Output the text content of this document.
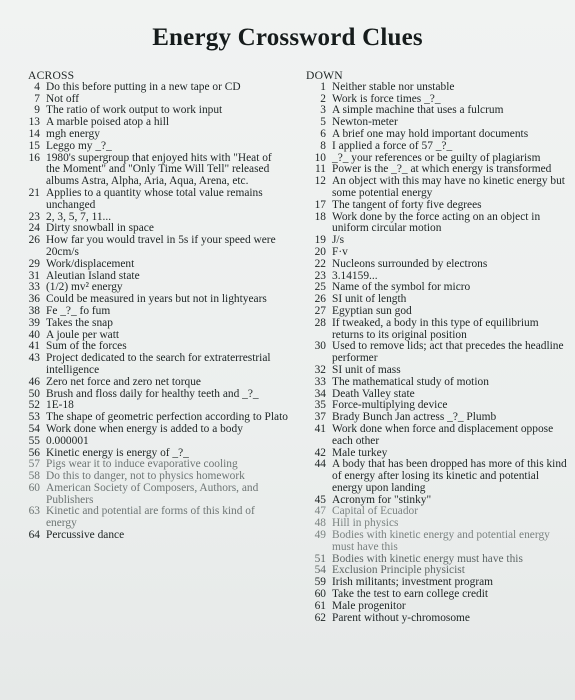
Energy Crossword Clues
ACROSS
4 Do this before putting in a new tape or CD
7 Not off
9 The ratio of work output to work input
13 A marble poised atop a hill
14 mgh energy
15 Leggo my _?_
16 1980's supergroup that enjoyed hits with "Heat of the Moment" and "Only Time Will Tell" released albums Astra, Alpha, Aria, Aqua, Arena, etc.
21 Applies to a quantity whose total value remains unchanged
23 2, 3, 5, 7, 11...
24 Dirty snowball in space
26 How far you would travel in 5s if your speed were 20cm/s
29 Work/displacement
31 Aleutian Island state
33 (1/2) mv² energy
36 Could be measured in years but not in lightyears
38 Fe _?_ fo fum
39 Takes the snap
40 A joule per watt
41 Sum of the forces
43 Project dedicated to the search for extraterrestrial intelligence
46 Zero net force and zero net torque
50 Brush and floss daily for healthy teeth and _?_
52 1E-18
53 The shape of geometric perfection according to Plato
54 Work done when energy is added to a body
55 0.000001
56 Kinetic energy is energy of _?_
57 Pigs wear it to induce evaporative cooling
58 Do this to danger, not to physics homework
60 American Society of Composers, Authors, and Publishers
63 Kinetic and potential are forms of this kind of energy
64 Percussive dance
DOWN
1 Neither stable nor unstable
2 Work is force times _?_
3 A simple machine that uses a fulcrum
5 Newton-meter
6 A brief one may hold important documents
8 I applied a force of 57 _?_
10 _?_ your references or be guilty of plagiarism
11 Power is the _?_ at which energy is transformed
12 An object with this may have no kinetic energy but some potential energy
17 The tangent of forty five degrees
18 Work done by the force acting on an object in uniform circular motion
19 J/s
20 F·v
22 Nucleons surrounded by electrons
23 3.14159...
25 Name of the symbol for micro
26 SI unit of length
27 Egyptian sun god
28 If tweaked, a body in this type of equilibrium returns to its original position
30 Used to remove lids; act that precedes the headline performer
32 SI unit of mass
33 The mathematical study of motion
34 Death Valley state
35 Force-multiplying device
37 Brady Bunch Jan actress _?_ Plumb
41 Work done when force and displacement oppose each other
42 Male turkey
44 A body that has been dropped has more of this kind of energy after losing its kinetic and potential energy upon landing
45 Acronym for "stinky"
47 Capital of Ecuador
48 Hill in physics
49 Bodies with kinetic energy and potential energy must have this
51 Bodies with kinetic energy must have this
54 Exclusion Principle physicist
59 Irish militants; investment program
60 Take the test to earn college credit
61 Male progenitor
62 Parent without y-chromosome
